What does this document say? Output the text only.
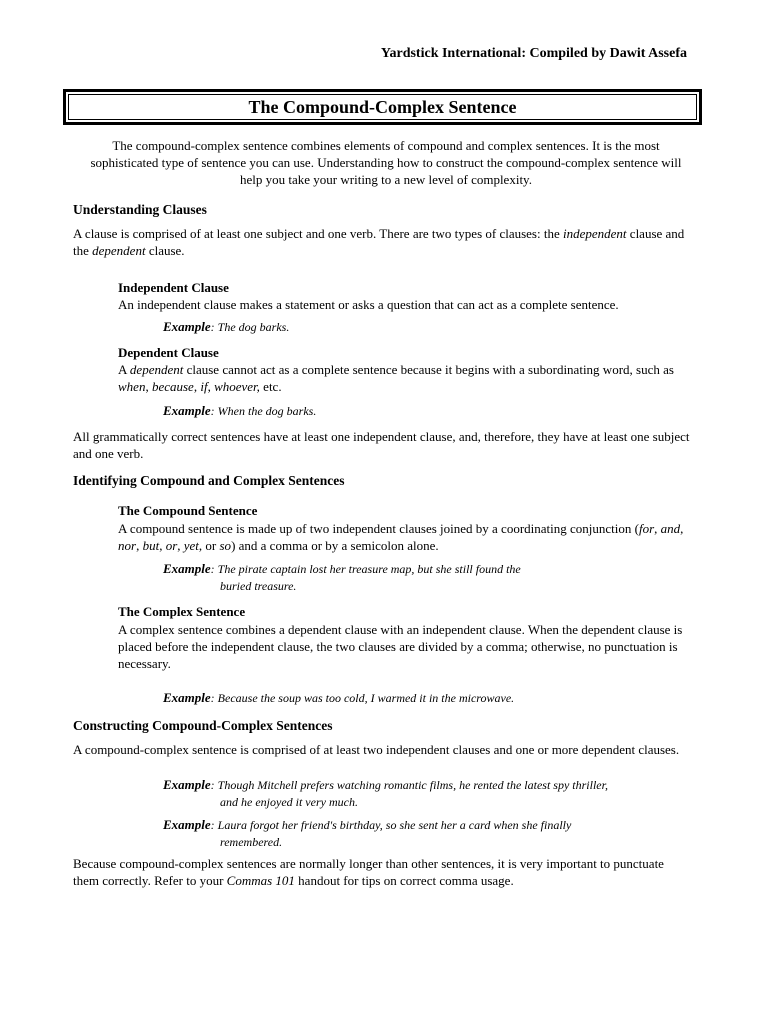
Yardstick International: Compiled by Dawit Assefa

The Compound-Complex Sentence

The compound-complex sentence combines elements of compound and complex sentences. It is the most sophisticated type of sentence you can use. Understanding how to construct the compound-complex sentence will help you take your writing to a new level of complexity.

Understanding Clauses

A clause is comprised of at least one subject and one verb. There are two types of clauses: the independent clause and the dependent clause.

Independent Clause

An independent clause makes a statement or asks a question that can act as a complete sentence.

Example: The dog barks.

Dependent Clause

A dependent clause cannot act as a complete sentence because it begins with a subordinating word, such as when, because, if, whoever, etc.

Example: When the dog barks.

All grammatically correct sentences have at least one independent clause, and, therefore, they have at least one subject and one verb.

Identifying Compound and Complex Sentences

The Compound Sentence

A compound sentence is made up of two independent clauses joined by a coordinating conjunction (for, and, nor, but, or, yet, or so) and a comma or by a semicolon alone.

Example: The pirate captain lost her treasure map, but she still found the
buried treasure.

The Complex Sentence

A complex sentence combines a dependent clause with an independent clause. When the dependent clause is placed before the independent clause, the two clauses are divided by a comma; otherwise, no punctuation is necessary.

Example: Because the soup was too cold, I warmed it in the microwave.

Constructing Compound-Complex Sentences

A compound-complex sentence is comprised of at least two independent clauses and one or more dependent clauses.

Example: Though Mitchell prefers watching romantic films, he rented the latest spy thriller,
and he enjoyed it very much.

Example: Laura forgot her friend's birthday, so she sent her a card when she finally
remembered.

Because compound-complex sentences are normally longer than other sentences, it is very important to punctuate them correctly. Refer to your Commas 101 handout for tips on correct comma usage.
